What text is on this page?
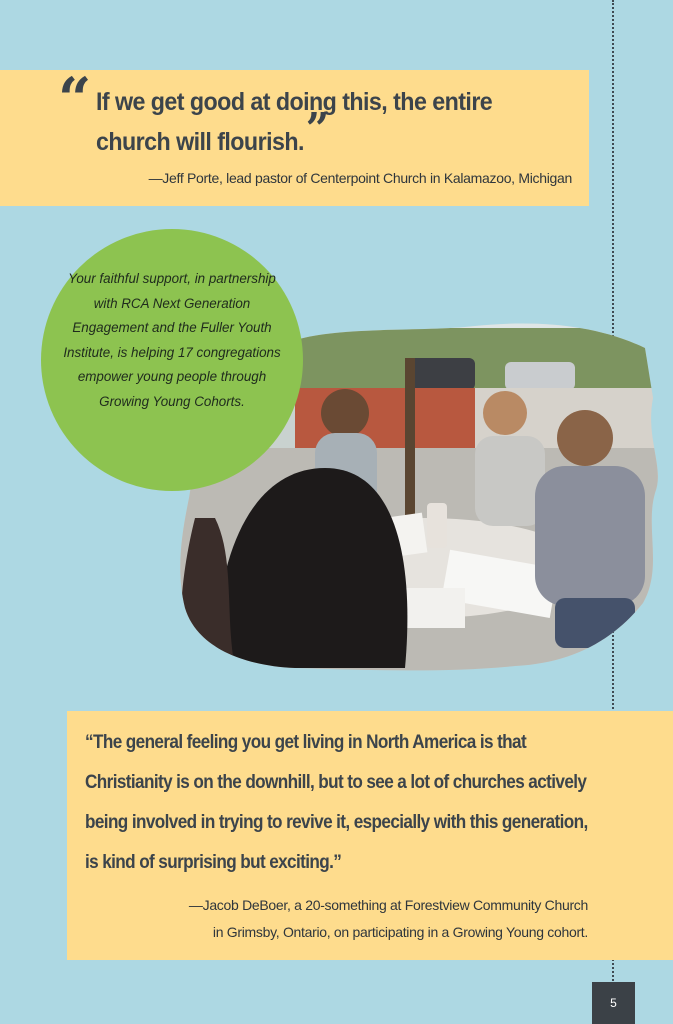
“ If we get good at doing this, the entire church will flourish.”
—Jeff Porte, lead pastor of Centerpoint Church in Kalamazoo, Michigan
Your faithful support, in partnership with RCA Next Generation Engagement and the Fuller Youth Institute, is helping 17 congregations empower young people through Growing Young Cohorts.
“The general feeling you get living in North America is that Christianity is on the downhill, but to see a lot of churches actively being involved in trying to revive it, especially with this generation, is kind of surprising but exciting.”
—Jacob DeBoer, a 20-something at Forestview Community Church
in Grimsby, Ontario, on participating in a Growing Young cohort.
5
